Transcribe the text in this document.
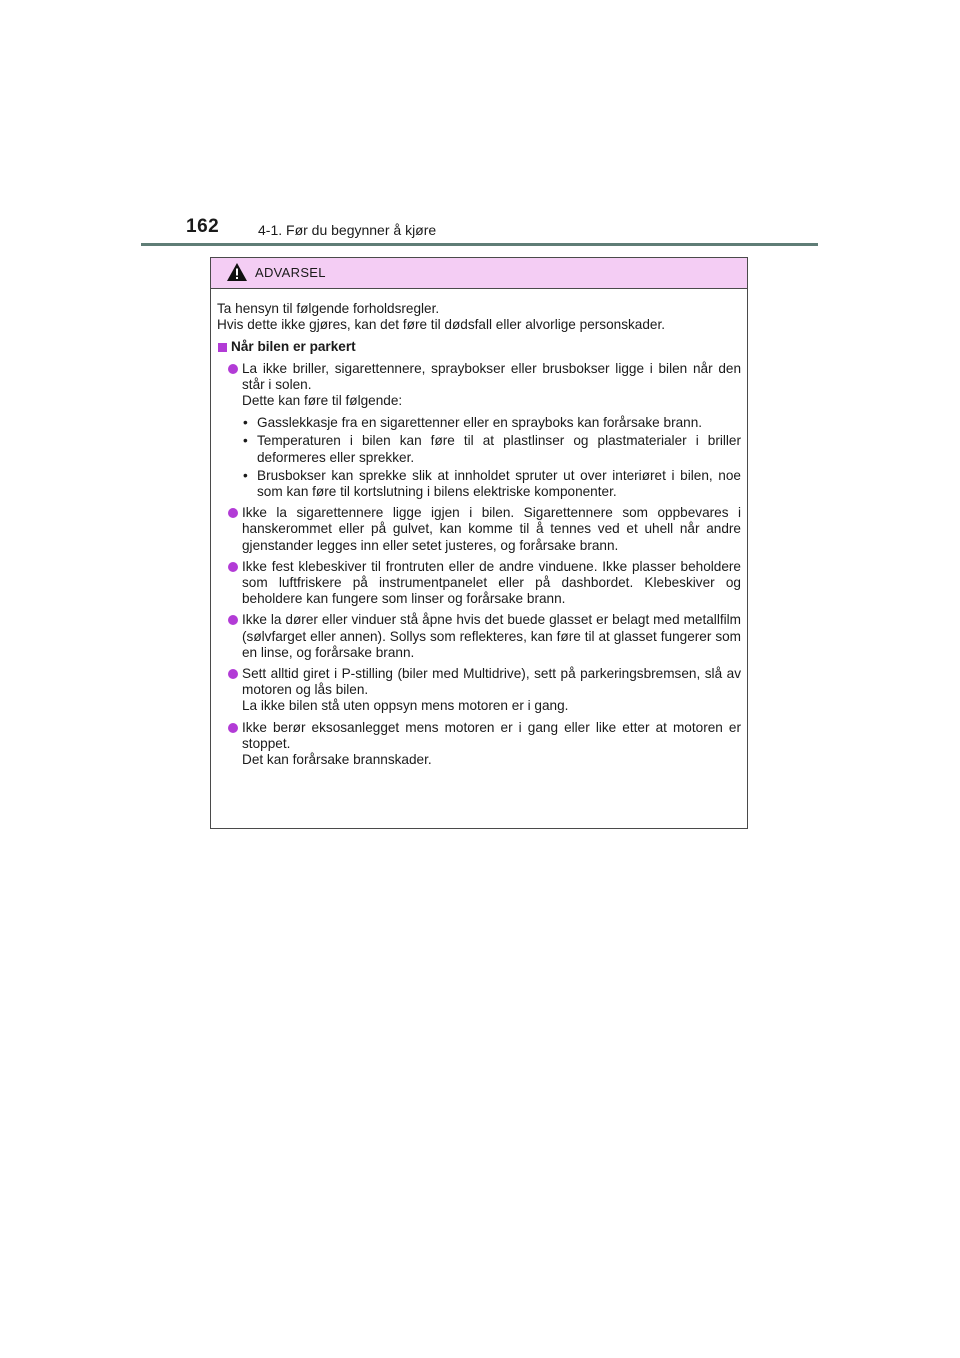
162	4-1. Før du begynner å kjøre
ADVARSEL

Ta hensyn til følgende forholdsregler.

Hvis dette ikke gjøres, kan det føre til dødsfall eller alvorlige personskader.

Når bilen er parkert

La ikke briller, sigarettennere, spraybokser eller brusbokser ligge i bilen når den står i solen.

Dette kan føre til følgende:

• Gasslekkasje fra en sigarettenner eller en sprayboks kan forårsake brann.
• Temperaturen i bilen kan føre til at plastlinser og plastmaterialer i briller deformeres eller sprekker.
• Brusbokser kan sprekke slik at innholdet spruter ut over interiøret i bilen, noe som kan føre til kortslutning i bilens elektriske komponenter.

Ikke la sigarettennere ligge igjen i bilen. Sigarettennere som oppbevares i hanskerommet eller på gulvet, kan komme til å tennes ved et uhell når andre gjenstander legges inn eller setet justeres, og forårsake brann.

Ikke fest klebeskiver til frontruten eller de andre vinduene. Ikke plasser beholdere som luftfriskere på instrumentpanelet eller på dashbordet. Klebeskiver og beholdere kan fungere som linser og forårsake brann.

Ikke la dører eller vinduer stå åpne hvis det buede glasset er belagt med metallfilm (sølvfarget eller annen). Sollys som reflekteres, kan føre til at glasset fungerer som en linse, og forårsake brann.

Sett alltid giret i P-stilling (biler med Multidrive), sett på parkeringsbremsen, slå av motoren og lås bilen.

La ikke bilen stå uten oppsyn mens motoren er i gang.

Ikke berør eksosanlegget mens motoren er i gang eller like etter at motoren er stoppet.

Det kan forårsake brannskader.
